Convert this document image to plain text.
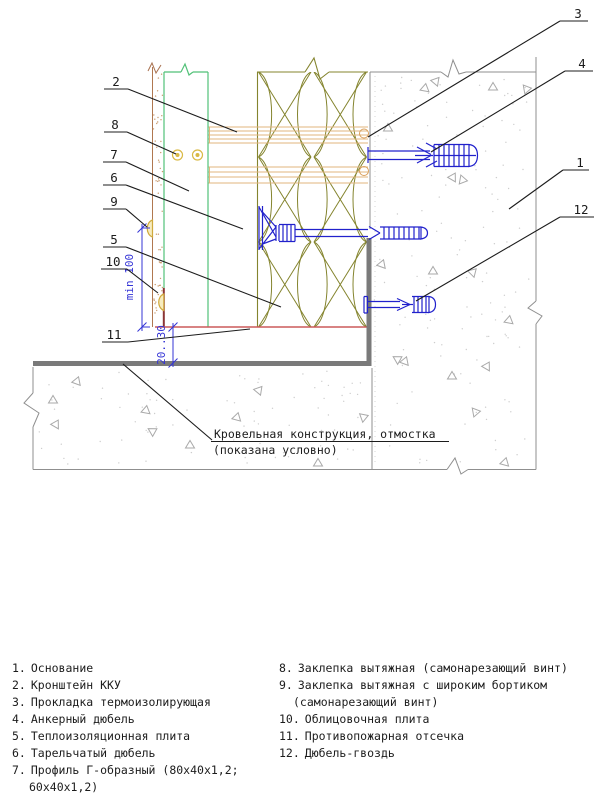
min 100
20..30
2
8
7
6
9
5
10
11
3
4
1
12
Кровельная конструкция, отмостка
(показана условно)
1. Основание
2. Кронштейн ККУ
3. Прокладка термоизолирующая
4. Анкерный дюбель
5. Теплоизоляционная плита
6. Тарельчатый дюбель
7. Профиль Г-образный (80x40x1,2;
60x40x1,2)
8. Заклепка вытяжная (самонарезающий винт)
9. Заклепка вытяжная с широким бортиком
(самонарезающий винт)
10. Облицовочная плита
11. Противопожарная отсечка
12. Дюбель-гвоздь
